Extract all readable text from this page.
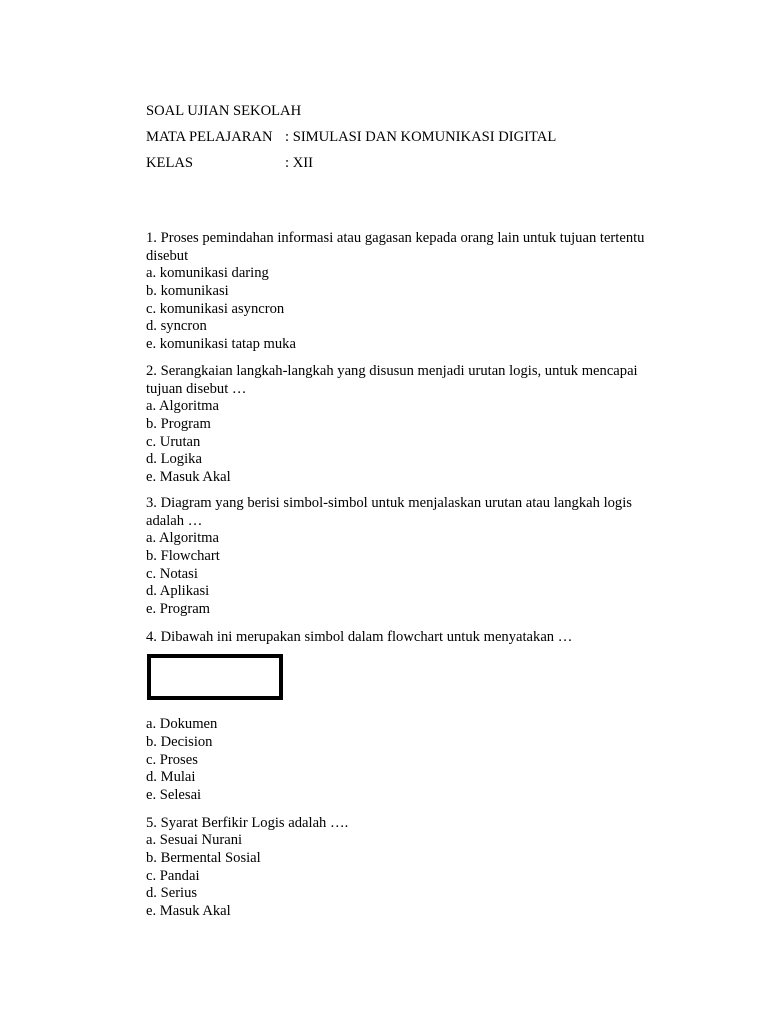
SOAL UJIAN SEKOLAH
MATA PELAJARAN : SIMULASI DAN KOMUNIKASI DIGITAL
KELAS	: XII
1. Proses pemindahan informasi atau gagasan kepada orang lain untuk tujuan tertentu disebut
a. komunikasi daring
b. komunikasi
c. komunikasi asyncron
d. syncron
e. komunikasi tatap muka
2. Serangkaian langkah-langkah yang disusun menjadi urutan logis, untuk mencapai tujuan disebut …
a. Algoritma
b. Program
c. Urutan
d. Logika
e. Masuk Akal
3. Diagram yang berisi simbol-simbol untuk menjalaskan urutan atau langkah logis adalah …
a. Algoritma
b. Flowchart
c. Notasi
d. Aplikasi
e. Program
4. Dibawah ini merupakan simbol dalam flowchart untuk menyatakan …
a. Dokumen
b. Decision
c. Proses
d. Mulai
e. Selesai
5. Syarat Berfikir Logis adalah ….
a. Sesuai Nurani
b. Bermental Sosial
c. Pandai
d. Serius
e. Masuk Akal
